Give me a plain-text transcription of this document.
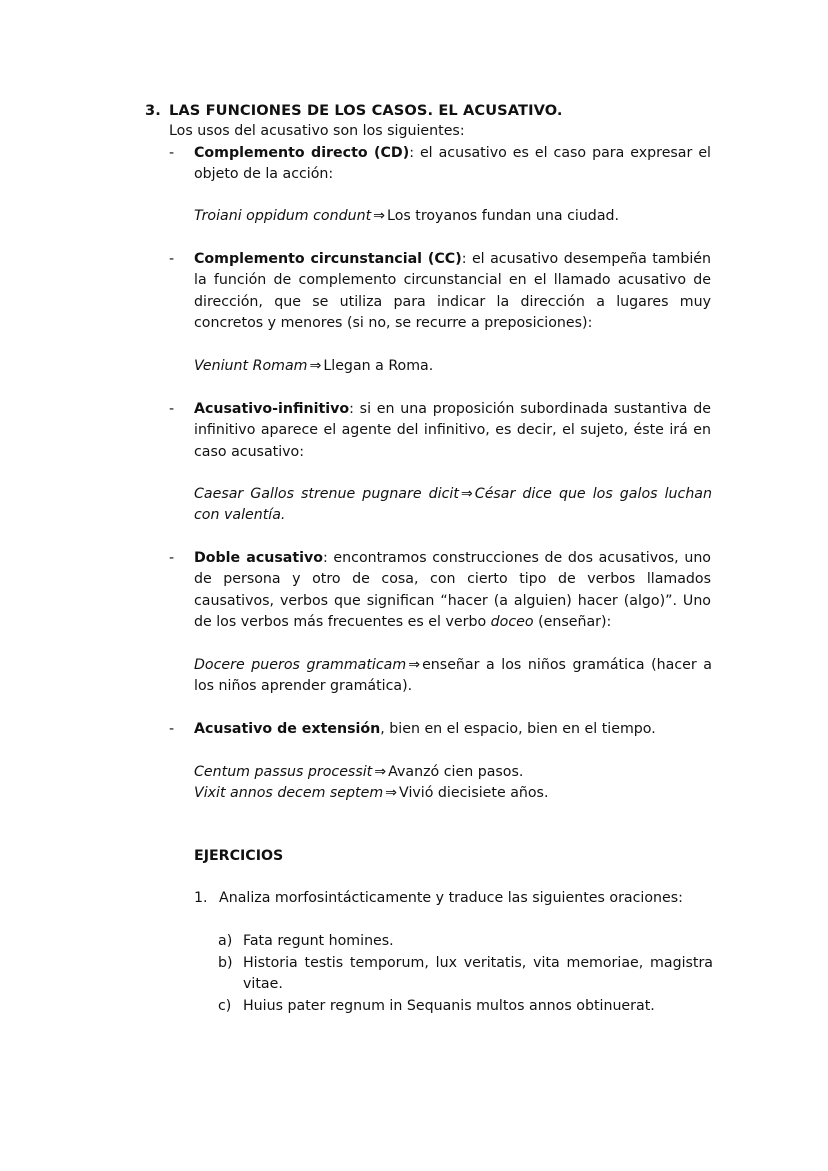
3. LAS FUNCIONES DE LOS CASOS. EL ACUSATIVO.
Los usos del acusativo son los siguientes:
- Complemento directo (CD): el acusativo es el caso para expresar el objeto de la acción:
Troiani oppidum condunt ⇒ Los troyanos fundan una ciudad.
- Complemento circunstancial (CC): el acusativo desempeña también la función de complemento circunstancial en el llamado acusativo de dirección, que se utiliza para indicar la dirección a lugares muy concretos y menores (si no, se recurre a preposiciones):
Veniunt Romam ⇒ Llegan a Roma.
- Acusativo-infinitivo: si en una proposición subordinada sustantiva de infinitivo aparece el agente del infinitivo, es decir, el sujeto, éste irá en caso acusativo:
Caesar Gallos strenue pugnare dicit ⇒ César dice que los galos luchan con valentía.
- Doble acusativo: encontramos construcciones de dos acusativos, uno de persona y otro de cosa, con cierto tipo de verbos llamados causativos, verbos que significan “hacer (a alguien) hacer (algo)”. Uno de los verbos más frecuentes es el verbo doceo (enseñar):
Docere pueros grammaticam ⇒ enseñar a los niños gramática (hacer a los niños aprender gramática).
- Acusativo de extensión, bien en el espacio, bien en el tiempo.
Centum passus processit ⇒ Avanzó cien pasos.
Vixit annos decem septem ⇒ Vivió diecisiete años.
EJERCICIOS
1. Analiza morfosintácticamente y traduce las siguientes oraciones:
a) Fata regunt homines.
b) Historia testis temporum, lux veritatis, vita memoriae, magistra vitae.
c) Huius pater regnum in Sequanis multos annos obtinuerat.
